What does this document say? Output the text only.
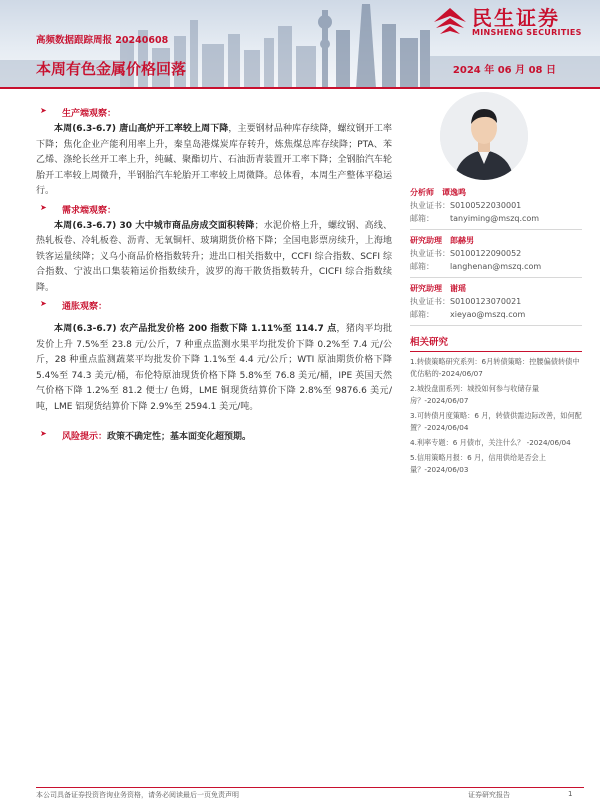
高频数据跟踪周报 20240608
民生证券
MINSHENG SECURITIES
本周有色金属价格回落	2024 年 06 月 08 日
➤ 生产端观察：

本周(6.3-6.7) 唐山高炉开工率较上周下降，主要钢材品种库存续降，螺纹钢开工率下降；焦化企业产能利用率上升，秦皇岛港煤炭库存转升，炼焦煤总库存续降；PTA、苯乙烯、涤纶长丝开工率上升，纯碱、聚酯切片、石油沥青装置开工率下降；全钢胎汽车轮胎开工率较上周微升，半钢胎汽车轮胎开工率较上周微降。总体看，本周生产整体平稳运行。

➤ 需求端观察：

本周(6.3-6.7) 30 大中城市商品房成交面积转降；水泥价格上升，螺纹钢、高线、热轧板卷、冷轧板卷、沥青、无氧铜杆、玻璃期货价格下降；全国电影票房续升，上海地铁客运量续降；义乌小商品价格指数转升；进出口相关指数中，CCFI 综合指数、SCFI 综合指数、宁波出口集装箱运价指数续升，波罗的海干散货指数转升，CICFI 综合指数续降。

➤ 通胀观察：

本周(6.3-6.7) 农产品批发价格 200 指数下降 1.11%至 114.7 点，猪肉平均批发价上升 7.5%至 23.8 元/公斤，7 种重点监测水果平均批发价下降 0.2%至 7.4 元/公斤，28 种重点监测蔬菜平均批发价下降 1.1%至 4.4 元/公斤；WTI 原油期货价格下降 5.4%至 74.3 美元/桶，布伦特原油现货价格下降 5.8%至 76.8 美元/桶，IPE 英国天然气价格下降 1.2%至 81.2 便士/ 色姆，LME 铜现货结算价下降 2.8%至 9876.6 美元/吨，LME 铝现货结算价下降 2.9%至 2594.1 美元/吨。

➤ 风险提示：政策不确定性；基本面变化超预期。
分析师 谭逸鸣
执业证书：S0100522030001
邮箱： tanyiming@mszq.com
研究助理 郎赫男
执业证书：S0100122090052
邮箱： langhenan@mszq.com
研究助理 谢瑶
执业证书：S0100123070021
邮箱： xieyao@mszq.com
相关研究
1.转债策略研究系列：6月转债策略：控腰偏债转债中优估粘的-2024/06/07
2.城投盘面系列：城投如何参与收储存量房？-2024/06/07
3.可转债月度策略：6 月，转债供需边际改善，如何配置？-2024/06/04
4.利率专题：6 月债市，关注什么？ -2024/06/04
5.信用策略月报：6 月，信用供给是否会上量？-2024/06/03
本公司具备证券投资咨询业务资格，请务必阅读最后一页免责声明	证券研究报告	1
